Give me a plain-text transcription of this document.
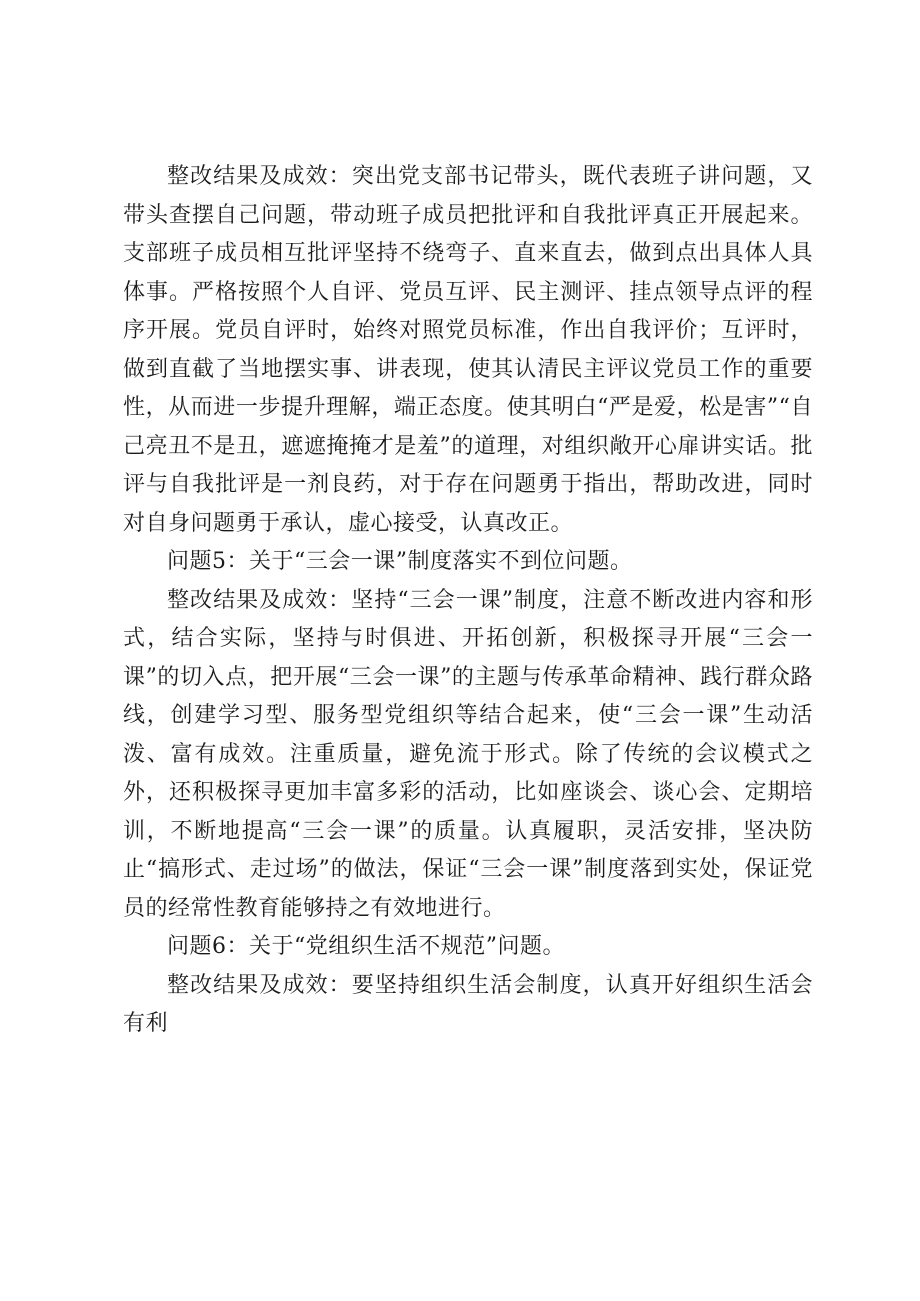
整改结果及成效：突出党支部书记带头，既代表班子讲问题，又带头查摆自己问题，带动班子成员把批评和自我批评真正开展起来。支部班子成员相互批评坚持不绕弯子、直来直去，做到点出具体人具体事。严格按照个人自评、党员互评、民主测评、挂点领导点评的程序开展。党员自评时，始终对照党员标准，作出自我评价；互评时，做到直截了当地摆实事、讲表现，使其认清民主评议党员工作的重要性，从而进一步提升理解，端正态度。使其明白“严是爱，松是害”“自己亮丑不是丑，遮遮掩掩才是羞”的道理，对组织敞开心扉讲实话。批评与自我批评是一剂良药，对于存在问题勇于指出，帮助改进，同时对自身问题勇于承认，虚心接受，认真改正。

问题5：关于“三会一课”制度落实不到位问题。

整改结果及成效：坚持“三会一课”制度，注意不断改进内容和形式，结合实际，坚持与时俱进、开拓创新，积极探寻开展“三会一课”的切入点，把开展“三会一课”的主题与传承革命精神、践行群众路线，创建学习型、服务型党组织等结合起来，使“三会一课”生动活泼、富有成效。注重质量，避免流于形式。除了传统的会议模式之外，还积极探寻更加丰富多彩的活动，比如座谈会、谈心会、定期培训，不断地提高“三会一课”的质量。认真履职，灵活安排，坚决防止“搞形式、走过场”的做法，保证“三会一课”制度落到实处，保证党员的经常性教育能够持之有效地进行。

问题6：关于“党组织生活不规范”问题。

整改结果及成效：要坚持组织生活会制度，认真开好组织生活会有利
